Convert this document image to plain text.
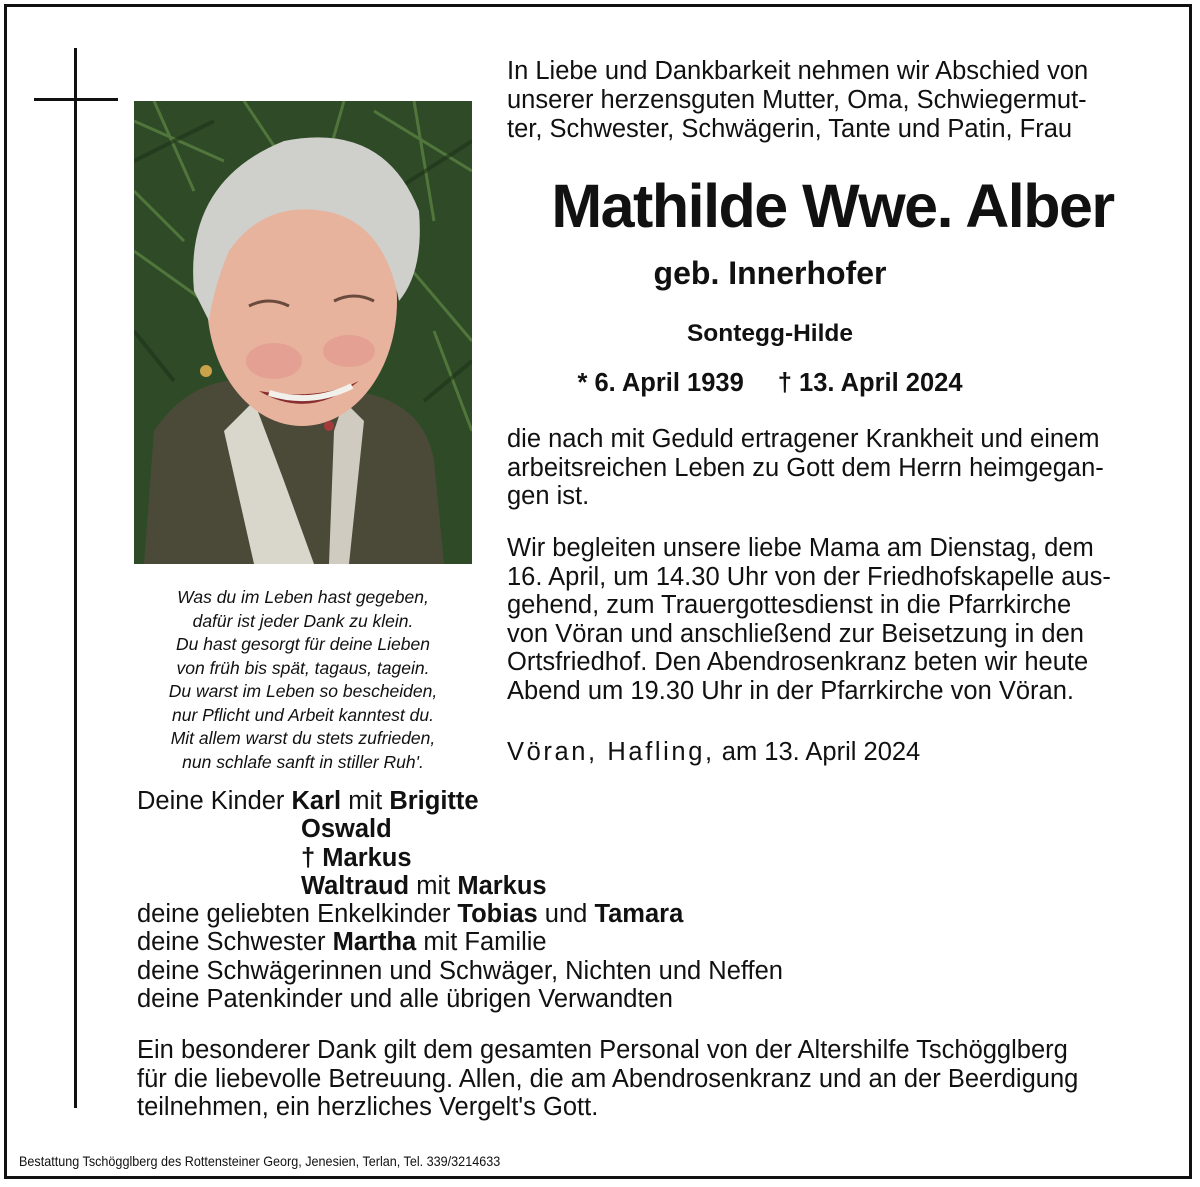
Was du im Leben hast gegeben,
dafür ist jeder Dank zu klein.
Du hast gesorgt für deine Lieben
von früh bis spät, tagaus, tagein.
Du warst im Leben so bescheiden,
nur Pflicht und Arbeit kanntest du.
Mit allem warst du stets zufrieden,
nun schlafe sanft in stiller Ruh'.
In Liebe und Dankbarkeit nehmen wir Abschied von
unserer herzensguten Mutter, Oma, Schwiegermut-
ter, Schwester, Schwägerin, Tante und Patin, Frau
Mathilde Wwe. Alber
geb. Innerhofer
Sontegg-Hilde
* 6. April 1939 † 13. April 2024
die nach mit Geduld ertragener Krankheit und einem
arbeitsreichen Leben zu Gott dem Herrn heimgegan-
gen ist.
Wir begleiten unsere liebe Mama am Dienstag, dem
16. April, um 14.30 Uhr von der Friedhofskapelle aus-
gehend, zum Trauergottesdienst in die Pfarrkirche
von Vöran und anschließend zur Beisetzung in den
Ortsfriedhof. Den Abendrosenkranz beten wir heute
Abend um 19.30 Uhr in der Pfarrkirche von Vöran.
Vöran, Hafling, am 13. April 2024
Deine Kinder Karl mit Brigitte
Oswald
† Markus
Waltraud mit Markus
deine geliebten Enkelkinder Tobias und Tamara
deine Schwester Martha mit Familie
deine Schwägerinnen und Schwäger, Nichten und Neffen
deine Patenkinder und alle übrigen Verwandten
Ein besonderer Dank gilt dem gesamten Personal von der Altershilfe Tschögglberg
für die liebevolle Betreuung. Allen, die am Abendrosenkranz und an der Beerdigung
teilnehmen, ein herzliches Vergelt's Gott.
Bestattung Tschögglberg des Rottensteiner Georg, Jenesien, Terlan, Tel. 339/3214633
